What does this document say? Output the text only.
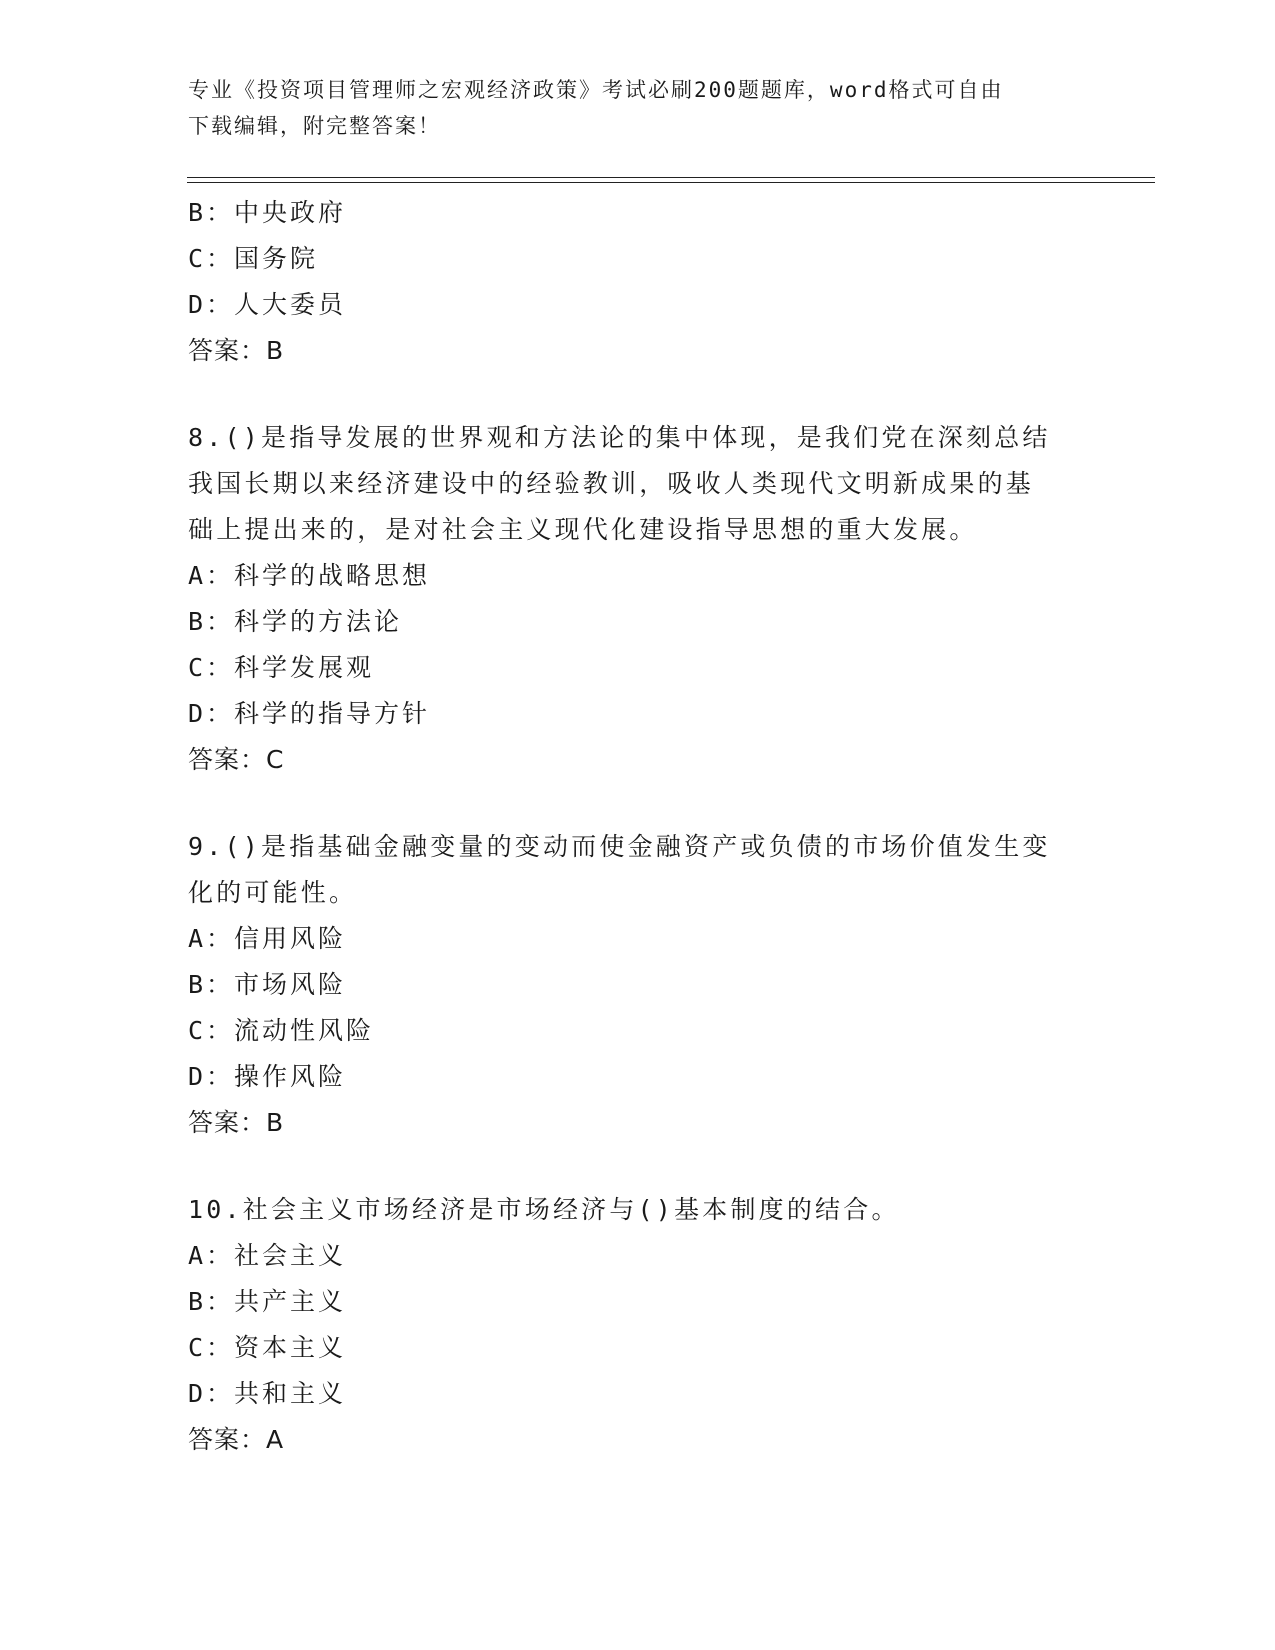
专业《投资项目管理师之宏观经济政策》考试必刷200题题库，word格式可自由
下载编辑，附完整答案！
B：中央政府
C：国务院
D：人大委员
答案：B
8.()是指导发展的世界观和方法论的集中体现，是我们党在深刻总结
我国长期以来经济建设中的经验教训，吸收人类现代文明新成果的基
础上提出来的，是对社会主义现代化建设指导思想的重大发展。
A：科学的战略思想
B：科学的方法论
C：科学发展观
D：科学的指导方针
答案：C
9.()是指基础金融变量的变动而使金融资产或负债的市场价值发生变
化的可能性。
A：信用风险
B：市场风险
C：流动性风险
D：操作风险
答案：B
10.社会主义市场经济是市场经济与()基本制度的结合。
A：社会主义
B：共产主义
C：资本主义
D：共和主义
答案：A
